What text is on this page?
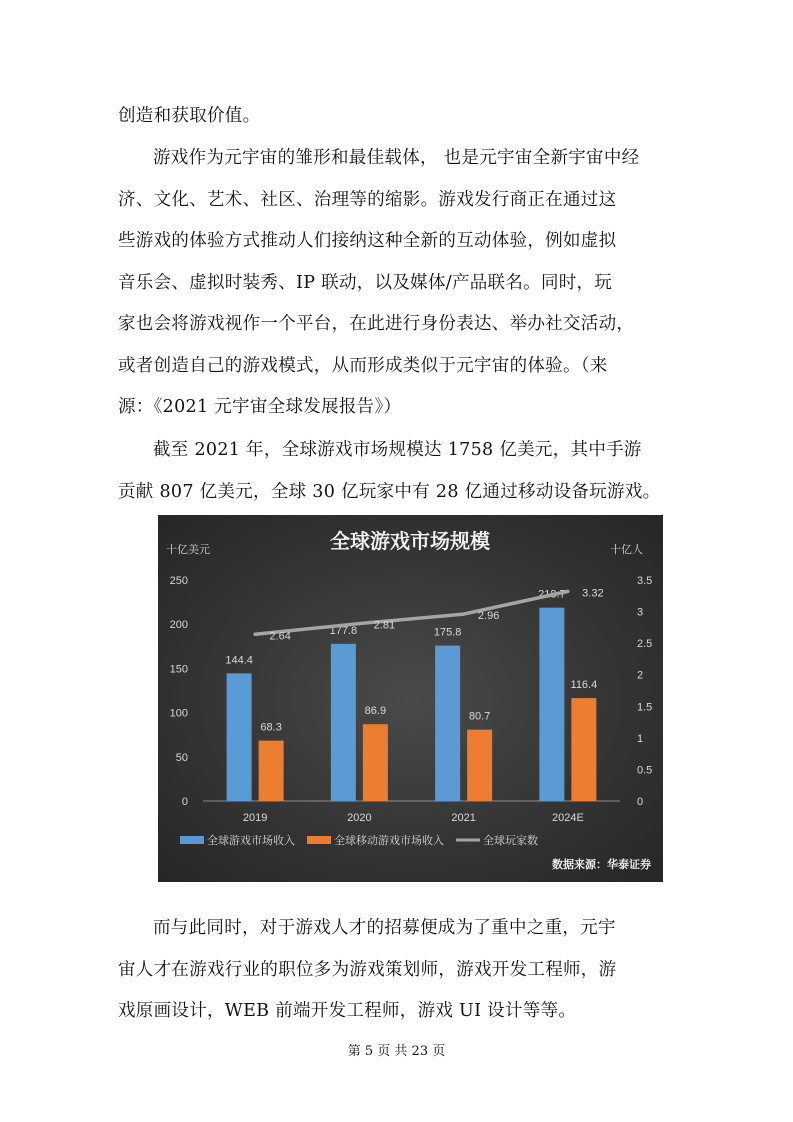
创造和获取价值。
游戏作为元宇宙的雏形和最佳载体， 也是元宇宙全新宇宙中经
济、文化、艺术、社区、治理等的缩影。游戏发行商正在通过这
些游戏的体验方式推动人们接纳这种全新的互动体验，例如虚拟
音乐会、虚拟时装秀、IP 联动，以及媒体/产品联名。同时，玩
家也会将游戏视作一个平台，在此进行身份表达、举办社交活动，
或者创造自己的游戏模式，从而形成类似于元宇宙的体验。（来
源：《2021 元宇宙全球发展报告》）
截至 2021 年，全球游戏市场规模达 1758 亿美元，其中手游
贡献 807 亿美元，全球 30 亿玩家中有 28 亿通过移动设备玩游戏。
全球游戏市场规模
十亿美元	十亿人
0
50
100
150
200
250
0
0.5
1
1.5
2
2.5
3
3.5
2019	2020	2021	2024E
144.4
177.8	175.8
218.7
68.3
86.9	80.7
116.4
2.64
2.81
2.96
3.32
全球游戏市场收入	全球移动游戏市场收入	全球玩家数
数据来源：华泰证券
而与此同时，对于游戏人才的招募便成为了重中之重，元宇
宙人才在游戏行业的职位多为游戏策划师，游戏开发工程师，游
戏原画设计，WEB 前端开发工程师，游戏 UI 设计等等。
第 5 页 共 23 页
